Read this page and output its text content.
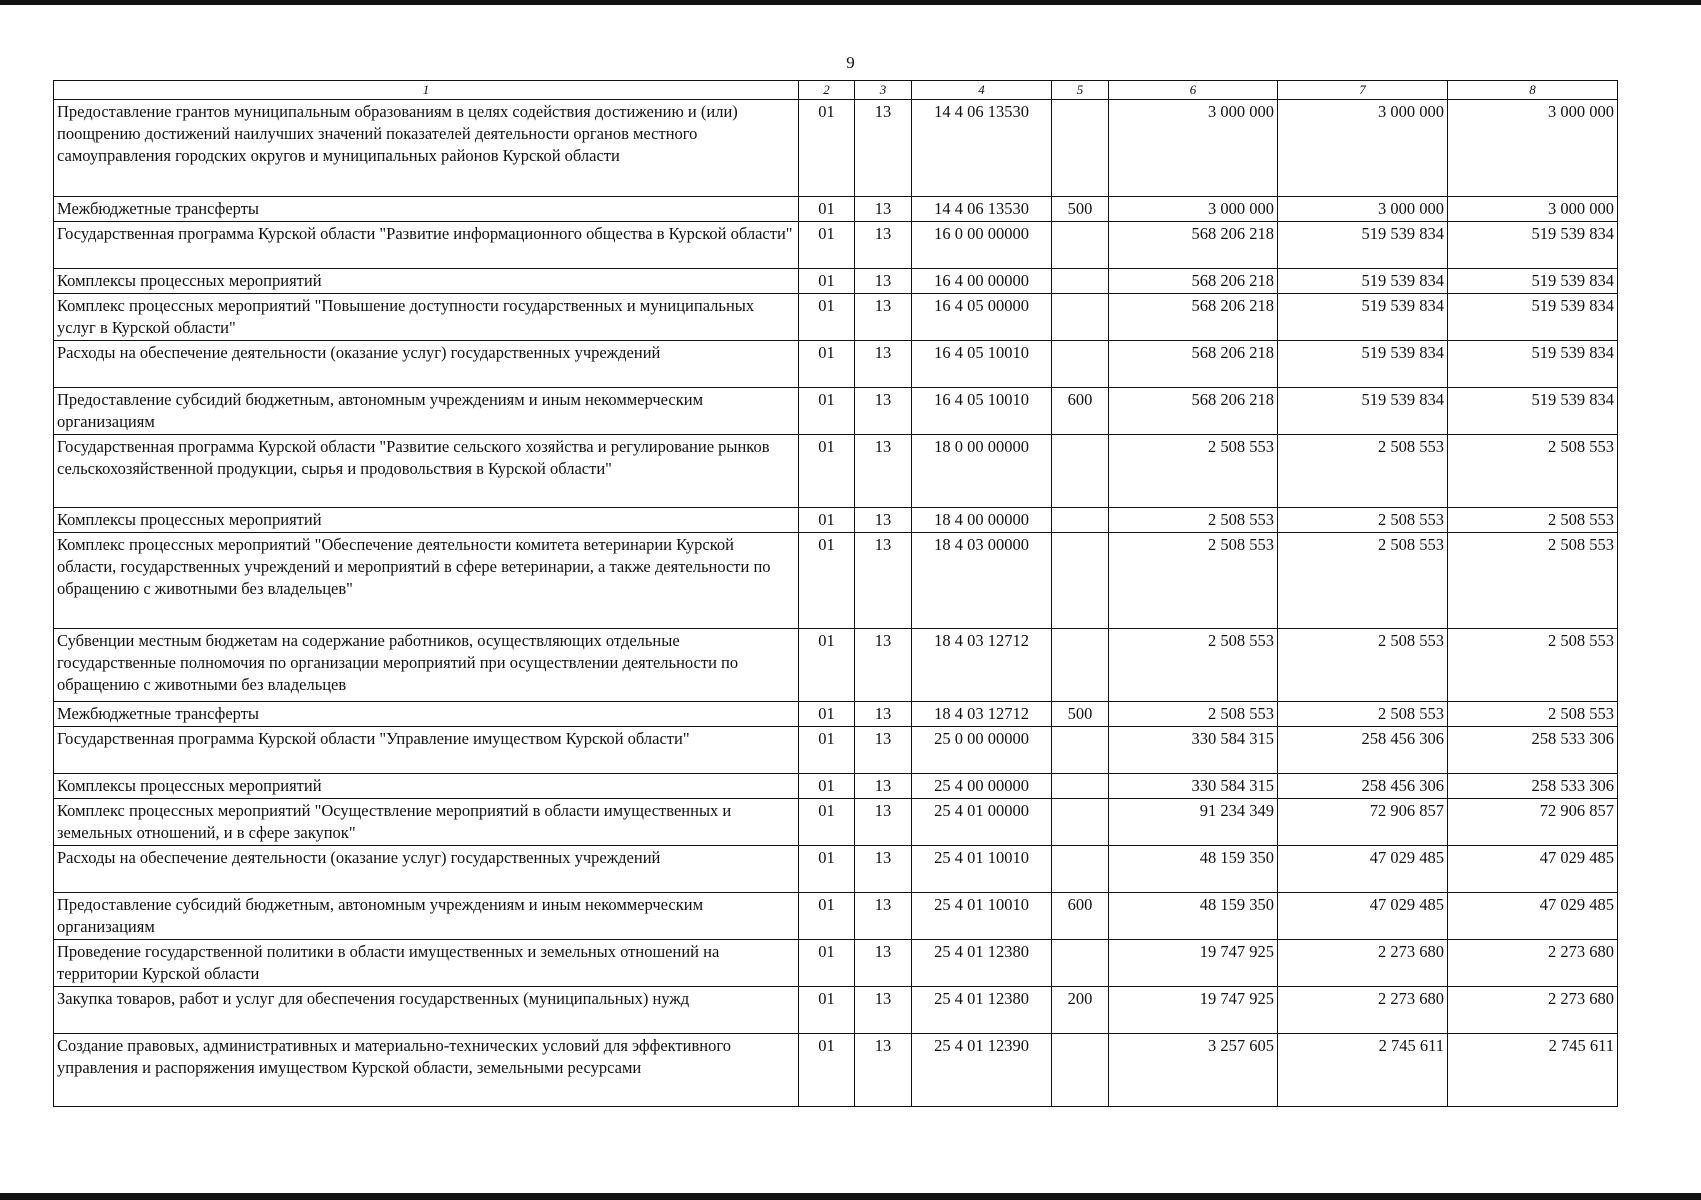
9
1	2	3	4	5	6	7	8
Предоставление грантов муниципальным образованиям в целях содействия достижению и (или) поощрению достижений наилучших значений показателей деятельности органов местного самоуправления городских округов и муниципальных районов Курской области	01	13	14 4 06 13530		3 000 000	3 000 000	3 000 000
Межбюджетные трансферты	01	13	14 4 06 13530	500	3 000 000	3 000 000	3 000 000
Государственная программа Курской области "Развитие информационного общества в Курской области"	01	13	16 0 00 00000		568 206 218	519 539 834	519 539 834
Комплексы процессных мероприятий	01	13	16 4 00 00000		568 206 218	519 539 834	519 539 834
Комплекс процессных мероприятий "Повышение доступности государственных и муниципальных услуг в Курской области"	01	13	16 4 05 00000		568 206 218	519 539 834	519 539 834
Расходы на обеспечение деятельности (оказание услуг) государственных учреждений	01	13	16 4 05 10010		568 206 218	519 539 834	519 539 834
Предоставление субсидий бюджетным, автономным учреждениям и иным некоммерческим организациям	01	13	16 4 05 10010	600	568 206 218	519 539 834	519 539 834
Государственная программа Курской области "Развитие сельского хозяйства и регулирование рынков сельскохозяйственной продукции, сырья и продовольствия в Курской области"	01	13	18 0 00 00000		2 508 553	2 508 553	2 508 553
Комплексы процессных мероприятий	01	13	18 4 00 00000		2 508 553	2 508 553	2 508 553
Комплекс процессных мероприятий "Обеспечение деятельности комитета ветеринарии Курской области, государственных учреждений и мероприятий в сфере ветеринарии, а также деятельности по обращению с животными без владельцев"	01	13	18 4 03 00000		2 508 553	2 508 553	2 508 553
Субвенции местным бюджетам на содержание работников, осуществляющих отдельные государственные полномочия по организации мероприятий при осуществлении деятельности по обращению с животными без владельцев	01	13	18 4 03 12712		2 508 553	2 508 553	2 508 553
Межбюджетные трансферты	01	13	18 4 03 12712	500	2 508 553	2 508 553	2 508 553
Государственная программа Курской области "Управление имуществом Курской области"	01	13	25 0 00 00000		330 584 315	258 456 306	258 533 306
Комплексы процессных мероприятий	01	13	25 4 00 00000		330 584 315	258 456 306	258 533 306
Комплекс процессных мероприятий "Осуществление мероприятий в области имущественных и земельных отношений, и в сфере закупок"	01	13	25 4 01 00000		91 234 349	72 906 857	72 906 857
Расходы на обеспечение деятельности (оказание услуг) государственных учреждений	01	13	25 4 01 10010		48 159 350	47 029 485	47 029 485
Предоставление субсидий бюджетным, автономным учреждениям и иным некоммерческим организациям	01	13	25 4 01 10010	600	48 159 350	47 029 485	47 029 485
Проведение государственной политики в области имущественных и земельных отношений на территории Курской области	01	13	25 4 01 12380		19 747 925	2 273 680	2 273 680
Закупка товаров, работ и услуг для обеспечения государственных (муниципальных) нужд	01	13	25 4 01 12380	200	19 747 925	2 273 680	2 273 680
Создание правовых, административных и материально-технических условий для эффективного управления и распоряжения имуществом Курской области, земельными ресурсами	01	13	25 4 01 12390		3 257 605	2 745 611	2 745 611
